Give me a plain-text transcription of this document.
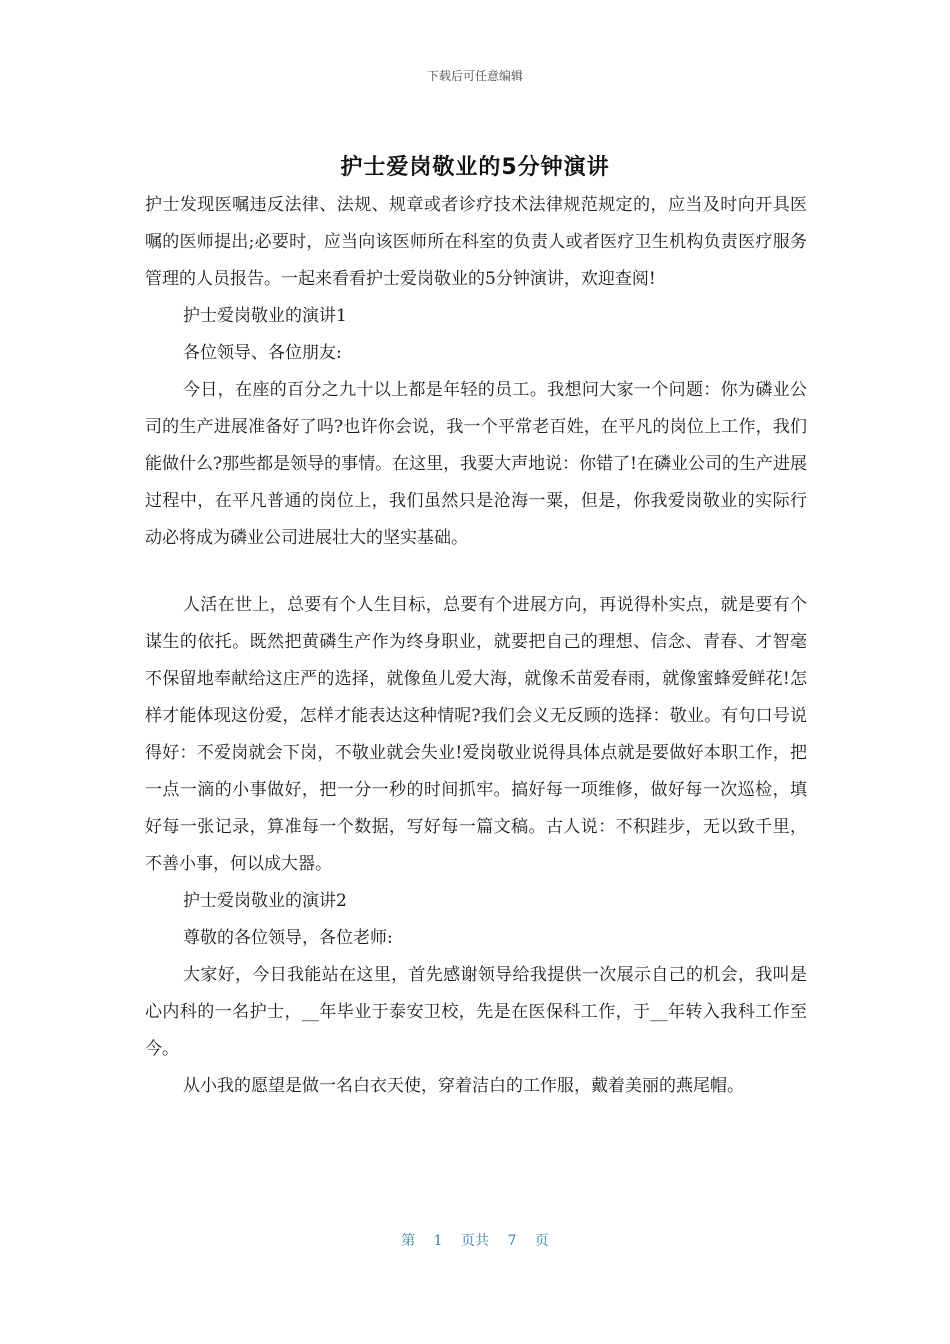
下载后可任意编辑
护士爱岗敬业的5分钟演讲

护士发现医嘱违反法律、法规、规章或者诊疗技术法律规范规定的，应当及时向开具医嘱的医师提出;必要时，应当向该医师所在科室的负责人或者医疗卫生机构负责医疗服务管理的人员报告。一起来看看护士爱岗敬业的5分钟演讲，欢迎查阅!

护士爱岗敬业的演讲1

各位领导、各位朋友:

今日，在座的百分之九十以上都是年轻的员工。我想问大家一个问题：你为磷业公司的生产进展准备好了吗?也许你会说，我一个平常老百姓，在平凡的岗位上工作，我们能做什么?那些都是领导的事情。在这里，我要大声地说：你错了!在磷业公司的生产进展过程中，在平凡普通的岗位上，我们虽然只是沧海一粟，但是，你我爱岗敬业的实际行动必将成为磷业公司进展壮大的坚实基础。

人活在世上，总要有个人生目标，总要有个进展方向，再说得朴实点，就是要有个谋生的依托。既然把黄磷生产作为终身职业，就要把自己的理想、信念、青春、才智毫不保留地奉献给这庄严的选择，就像鱼儿爱大海，就像禾苗爱春雨，就像蜜蜂爱鲜花!怎样才能体现这份爱，怎样才能表达这种情呢?我们会义无反顾的选择：敬业。有句口号说得好：不爱岗就会下岗，不敬业就会失业!爱岗敬业说得具体点就是要做好本职工作，把一点一滴的小事做好，把一分一秒的时间抓牢。搞好每一项维修，做好每一次巡检，填好每一张记录，算准每一个数据，写好每一篇文稿。古人说：不积跬步，无以致千里，不善小事，何以成大器。

护士爱岗敬业的演讲2

尊敬的各位领导，各位老师:

大家好，今日我能站在这里，首先感谢领导给我提供一次展示自己的机会，我叫是心内科的一名护士，__年毕业于泰安卫校，先是在医保科工作，于__年转入我科工作至今。

从小我的愿望是做一名白衣天使，穿着洁白的工作服，戴着美丽的燕尾帽。

第 1 页共 7 页
